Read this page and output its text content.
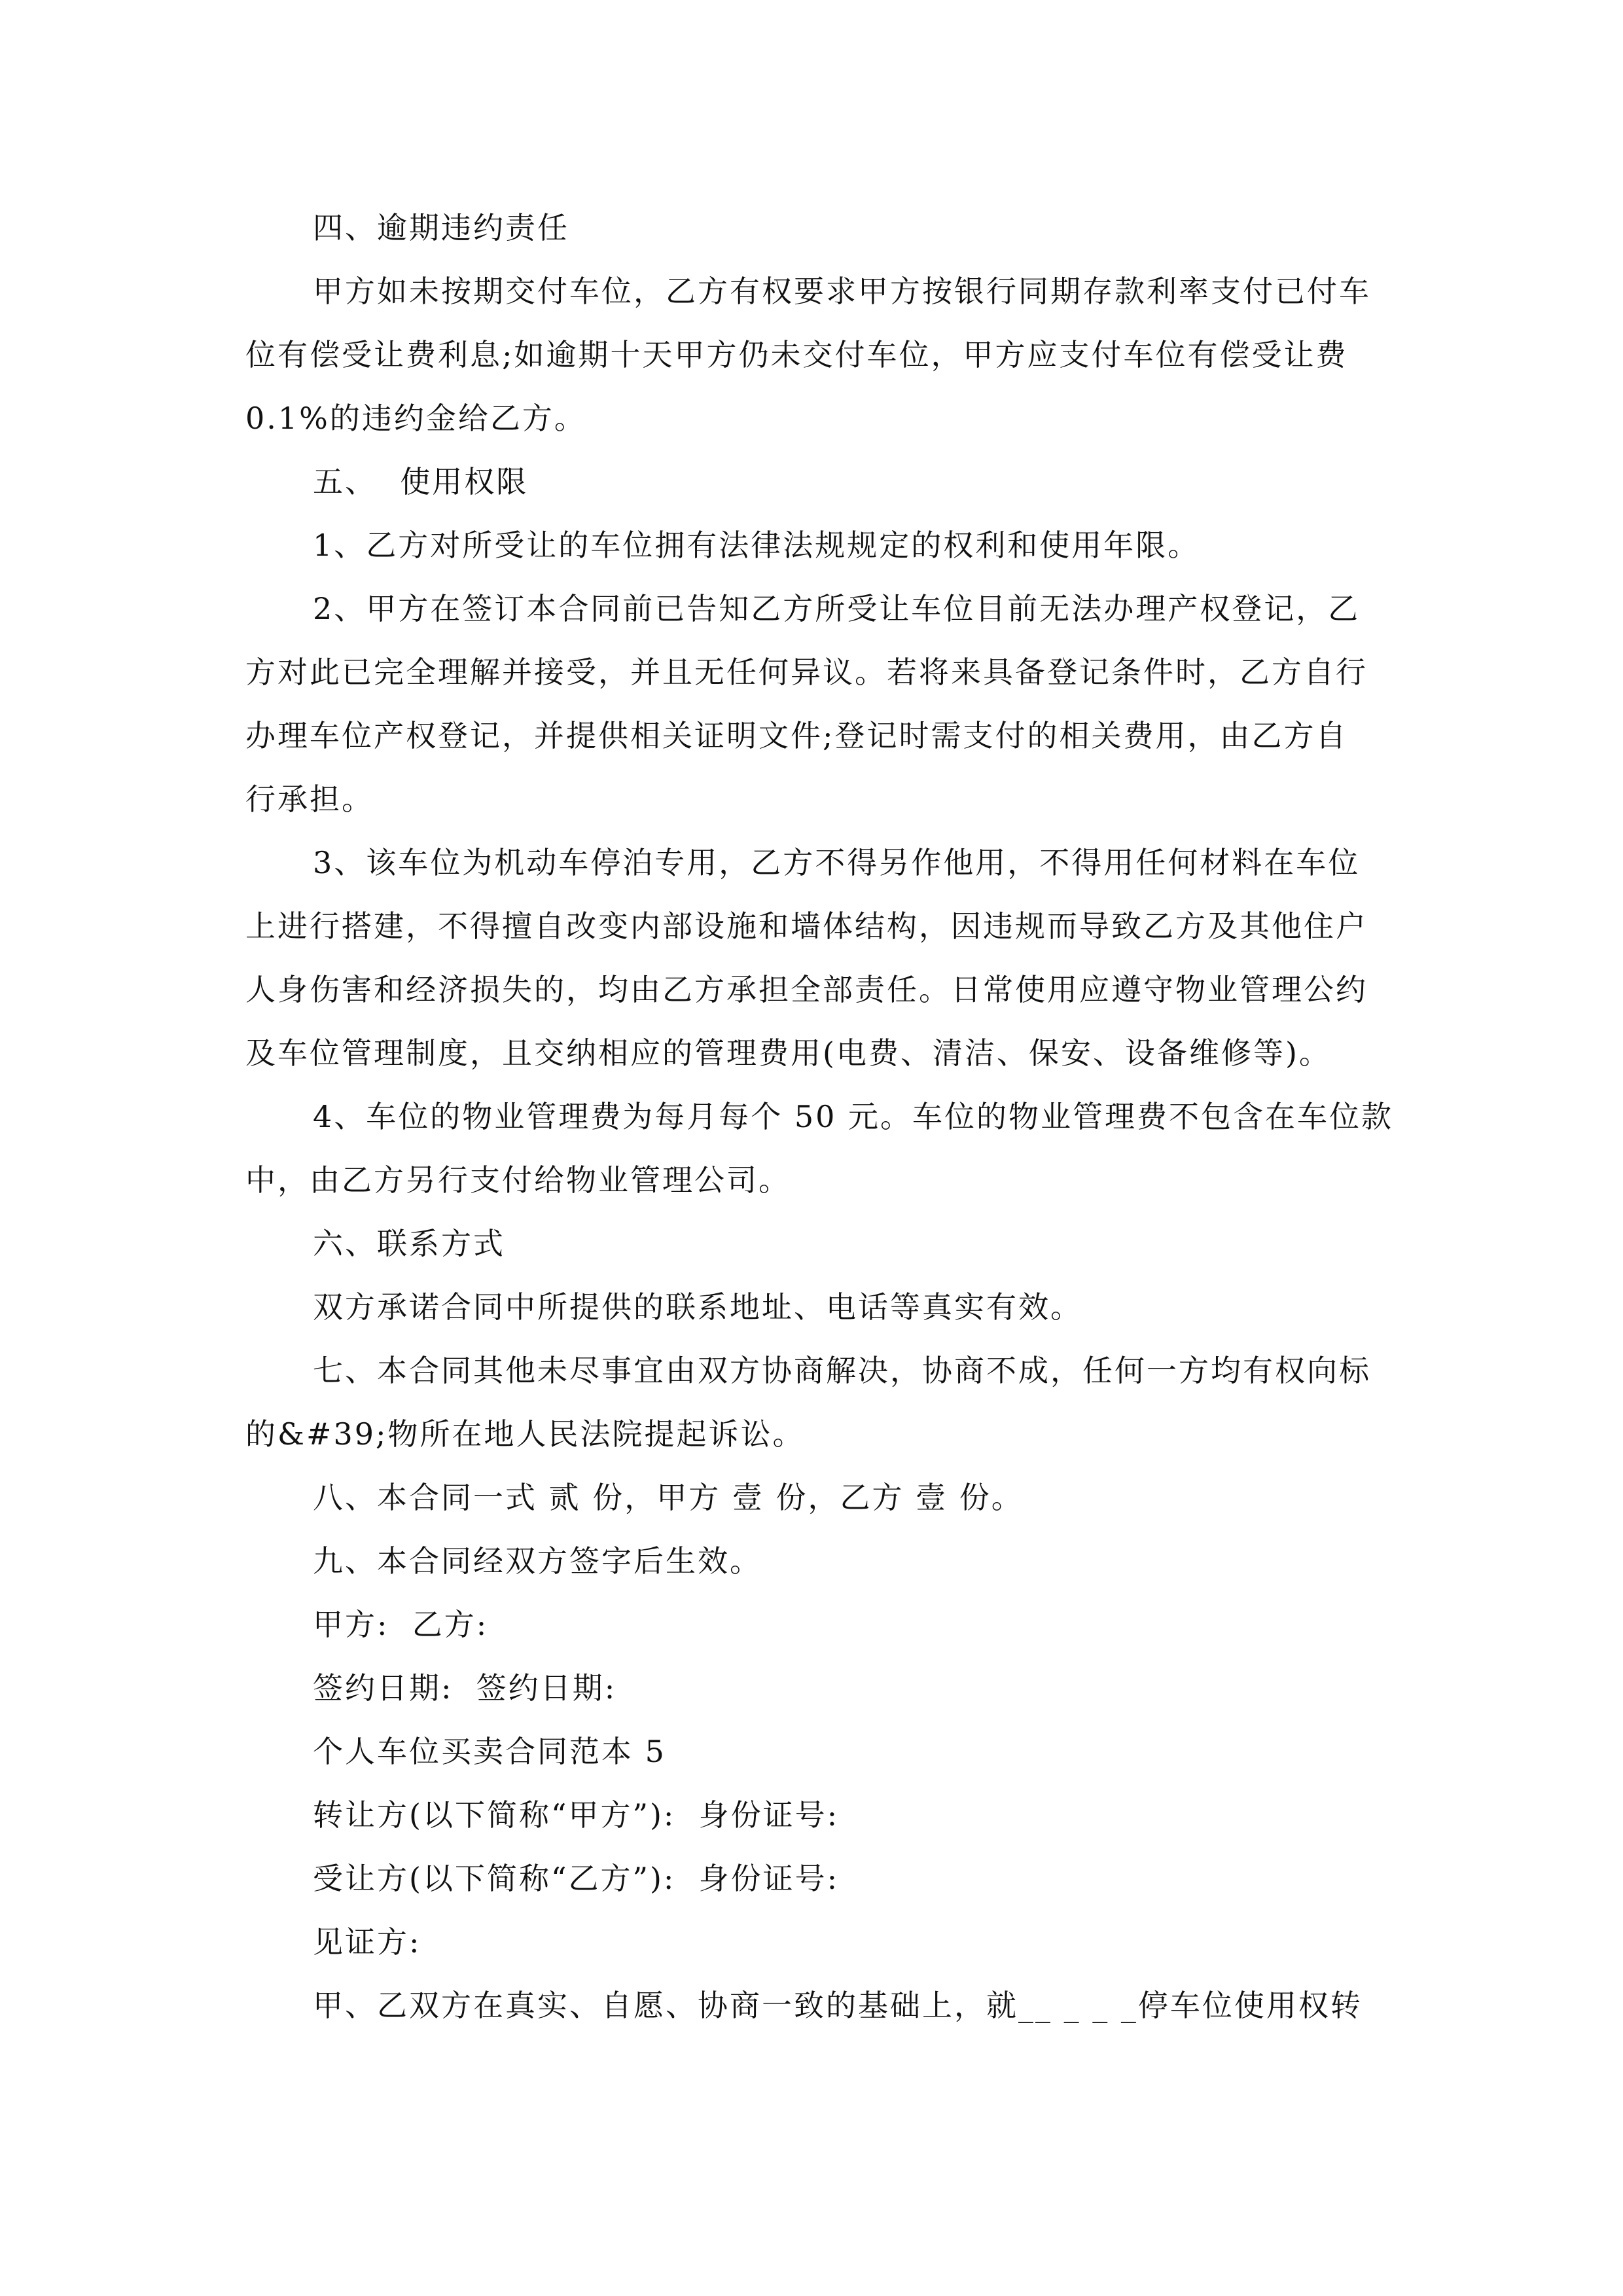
四、逾期违约责任
甲方如未按期交付车位，乙方有权要求甲方按银行同期存款利率支付已付车
位有偿受让费利息;如逾期十天甲方仍未交付车位，甲方应支付车位有偿受让费
0.1%的违约金给乙方。
五、  使用权限
1、乙方对所受让的车位拥有法律法规规定的权利和使用年限。
2、甲方在签订本合同前已告知乙方所受让车位目前无法办理产权登记，乙
方对此已完全理解并接受，并且无任何异议。若将来具备登记条件时，乙方自行
办理车位产权登记，并提供相关证明文件;登记时需支付的相关费用，由乙方自
行承担。
3、该车位为机动车停泊专用，乙方不得另作他用，不得用任何材料在车位
上进行搭建，不得擅自改变内部设施和墙体结构，因违规而导致乙方及其他住户
人身伤害和经济损失的，均由乙方承担全部责任。日常使用应遵守物业管理公约
及车位管理制度，且交纳相应的管理费用(电费、清洁、保安、设备维修等)。
4、车位的物业管理费为每月每个 50 元。车位的物业管理费不包含在车位款
中，由乙方另行支付给物业管理公司。
六、联系方式
双方承诺合同中所提供的联系地址、电话等真实有效。
七、本合同其他未尽事宜由双方协商解决，协商不成，任何一方均有权向标
的&#39;物所在地人民法院提起诉讼。
八、本合同一式 贰 份，甲方 壹 份，乙方 壹 份。
九、本合同经双方签字后生效。
甲方:  乙方:
签约日期:  签约日期:
个人车位买卖合同范本 5
转让方(以下简称“甲方”):  身份证号:
受让方(以下简称“乙方”):  身份证号:
见证方:
甲、乙双方在真实、自愿、协商一致的基础上，就__ _ _ _停车位使用权转
